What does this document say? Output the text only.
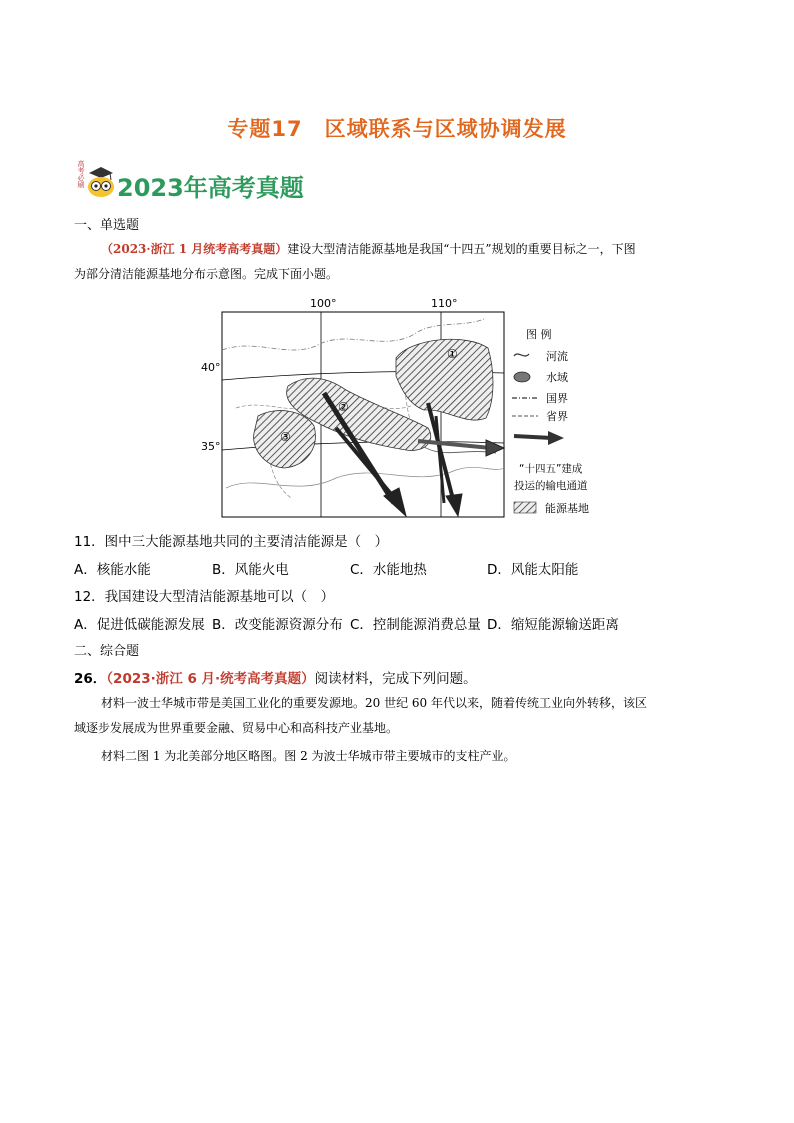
专题17　区域联系与区域协调发展
高考必刷 2023年高考真题
一、单选题
（2023·浙江 1 月统考高考真题）建设大型清洁能源基地是我国“十四五”规划的重要目标之一，下图
为部分清洁能源基地分布示意图。完成下面小题。
100°	110°
40°
35°
①
②
③
图 例
河流
水域
国界
省界
“十四五”建成
投运的输电通道
能源基地
11．图中三大能源基地共同的主要清洁能源是（　）
A．核能水能	B．风能火电	C．水能地热	D．风能太阳能
12．我国建设大型清洁能源基地可以（　）
A．促进低碳能源发展 B．改变能源资源分布 C．控制能源消费总量 D．缩短能源输送距离
二、综合题
26．（2023·浙江 6 月·统考高考真题）阅读材料，完成下列问题。
材料一波士华城市带是美国工业化的重要发源地。20 世纪 60 年代以来，随着传统工业向外转移，该区
域逐步发展成为世界重要金融、贸易中心和高科技产业基地。
材料二图 1 为北美部分地区略图。图 2 为波士华城市带主要城市的支柱产业。
